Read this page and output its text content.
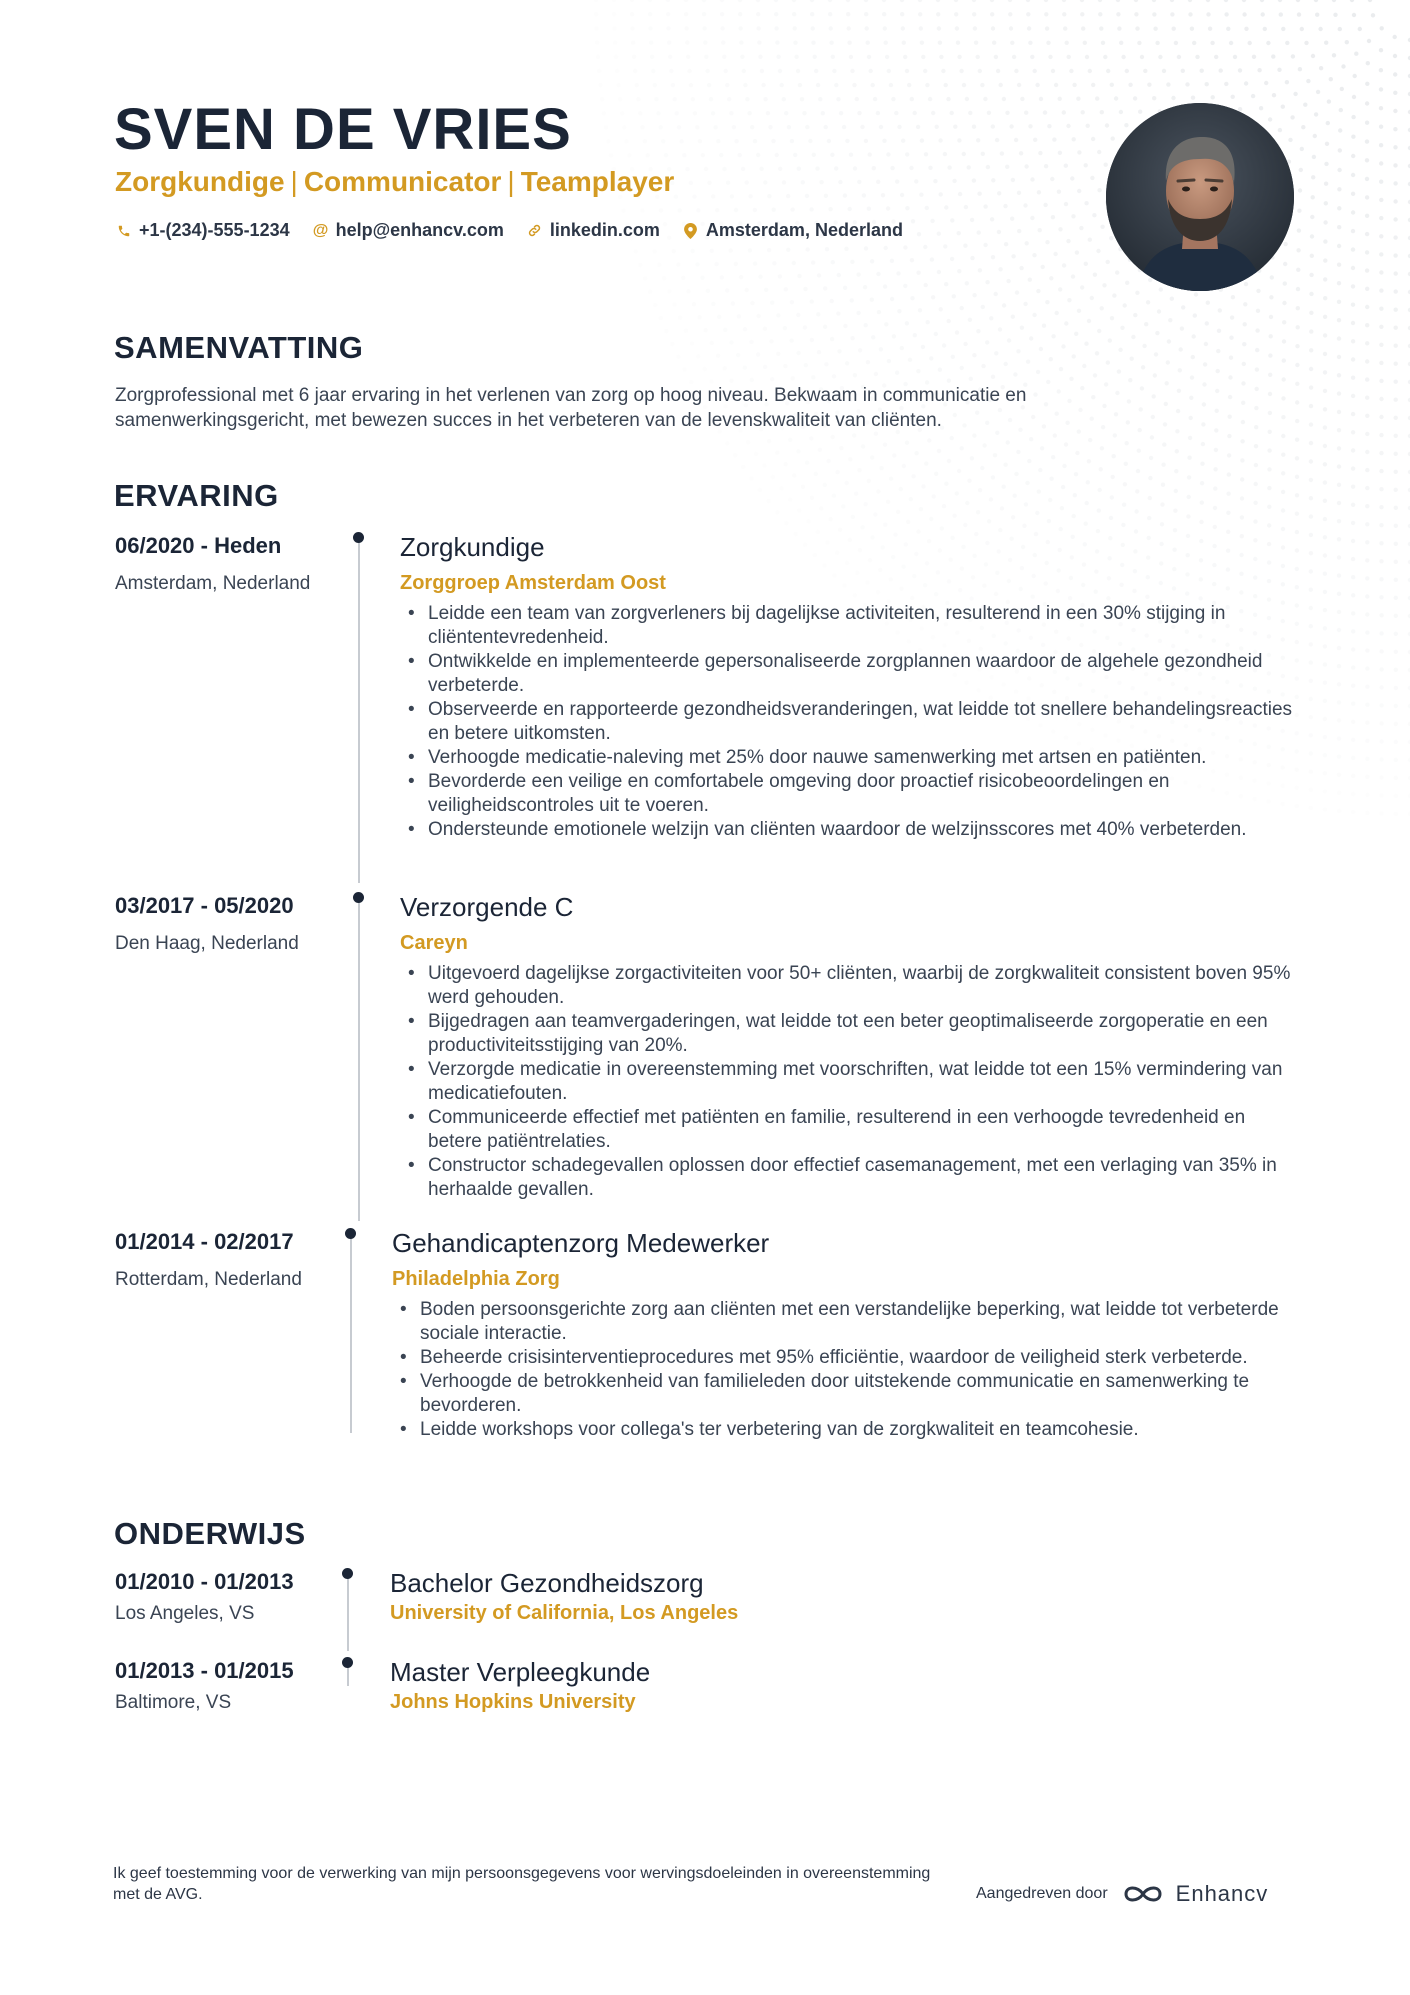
SVEN DE VRIES
Zorgkundige | Communicator | Teamplayer
+1-(234)-555-1234 @ help@enhancv.com	linkedin.com	Amsterdam, Nederland
SAMENVATTING
Zorgprofessional met 6 jaar ervaring in het verlenen van zorg op hoog niveau. Bekwaam in communicatie en samenwerkingsgericht, met bewezen succes in het verbeteren van de levenskwaliteit van cliënten.
ERVARING
06/2020 - Heden
Amsterdam, Nederland
Zorgkundige
Zorggroep Amsterdam Oost
• Leidde een team van zorgverleners bij dagelijkse activiteiten, resulterend in een 30% stijging in cliëntentevredenheid.
• Ontwikkelde en implementeerde gepersonaliseerde zorgplannen waardoor de algehele gezondheid verbeterde.
• Observeerde en rapporteerde gezondheidsveranderingen, wat leidde tot snellere behandelingsreacties en betere uitkomsten.
• Verhoogde medicatie-naleving met 25% door nauwe samenwerking met artsen en patiënten.
• Bevorderde een veilige en comfortabele omgeving door proactief risicobeoordelingen en veiligheidscontroles uit te voeren.
• Ondersteunde emotionele welzijn van cliënten waardoor de welzijnsscores met 40% verbeterden.
03/2017 - 05/2020
Den Haag, Nederland
Verzorgende C
Careyn
• Uitgevoerd dagelijkse zorgactiviteiten voor 50+ cliënten, waarbij de zorgkwaliteit consistent boven 95% werd gehouden.
• Bijgedragen aan teamvergaderingen, wat leidde tot een beter geoptimaliseerde zorgoperatie en een productiviteitsstijging van 20%.
• Verzorgde medicatie in overeenstemming met voorschriften, wat leidde tot een 15% vermindering van medicatiefouten.
• Communiceerde effectief met patiënten en familie, resulterend in een verhoogde tevredenheid en betere patiëntrelaties.
• Constructor schadegevallen oplossen door effectief casemanagement, met een verlaging van 35% in herhaalde gevallen.
01/2014 - 02/2017
Rotterdam, Nederland
Gehandicaptenzorg Medewerker
Philadelphia Zorg
• Boden persoonsgerichte zorg aan cliënten met een verstandelijke beperking, wat leidde tot verbeterde sociale interactie.
• Beheerde crisisinterventieprocedures met 95% efficiëntie, waardoor de veiligheid sterk verbeterde.
• Verhoogde de betrokkenheid van familieleden door uitstekende communicatie en samenwerking te bevorderen.
• Leidde workshops voor collega's ter verbetering van de zorgkwaliteit en teamcohesie.
ONDERWIJS
01/2010 - 01/2013
Los Angeles, VS
Bachelor Gezondheidszorg
University of California, Los Angeles
01/2013 - 01/2015
Baltimore, VS
Master Verpleegkunde
Johns Hopkins University
Ik geef toestemming voor de verwerking van mijn persoonsgegevens voor wervingsdoeleinden in overeenstemming met de AVG.	Aangedreven door	Enhancv
